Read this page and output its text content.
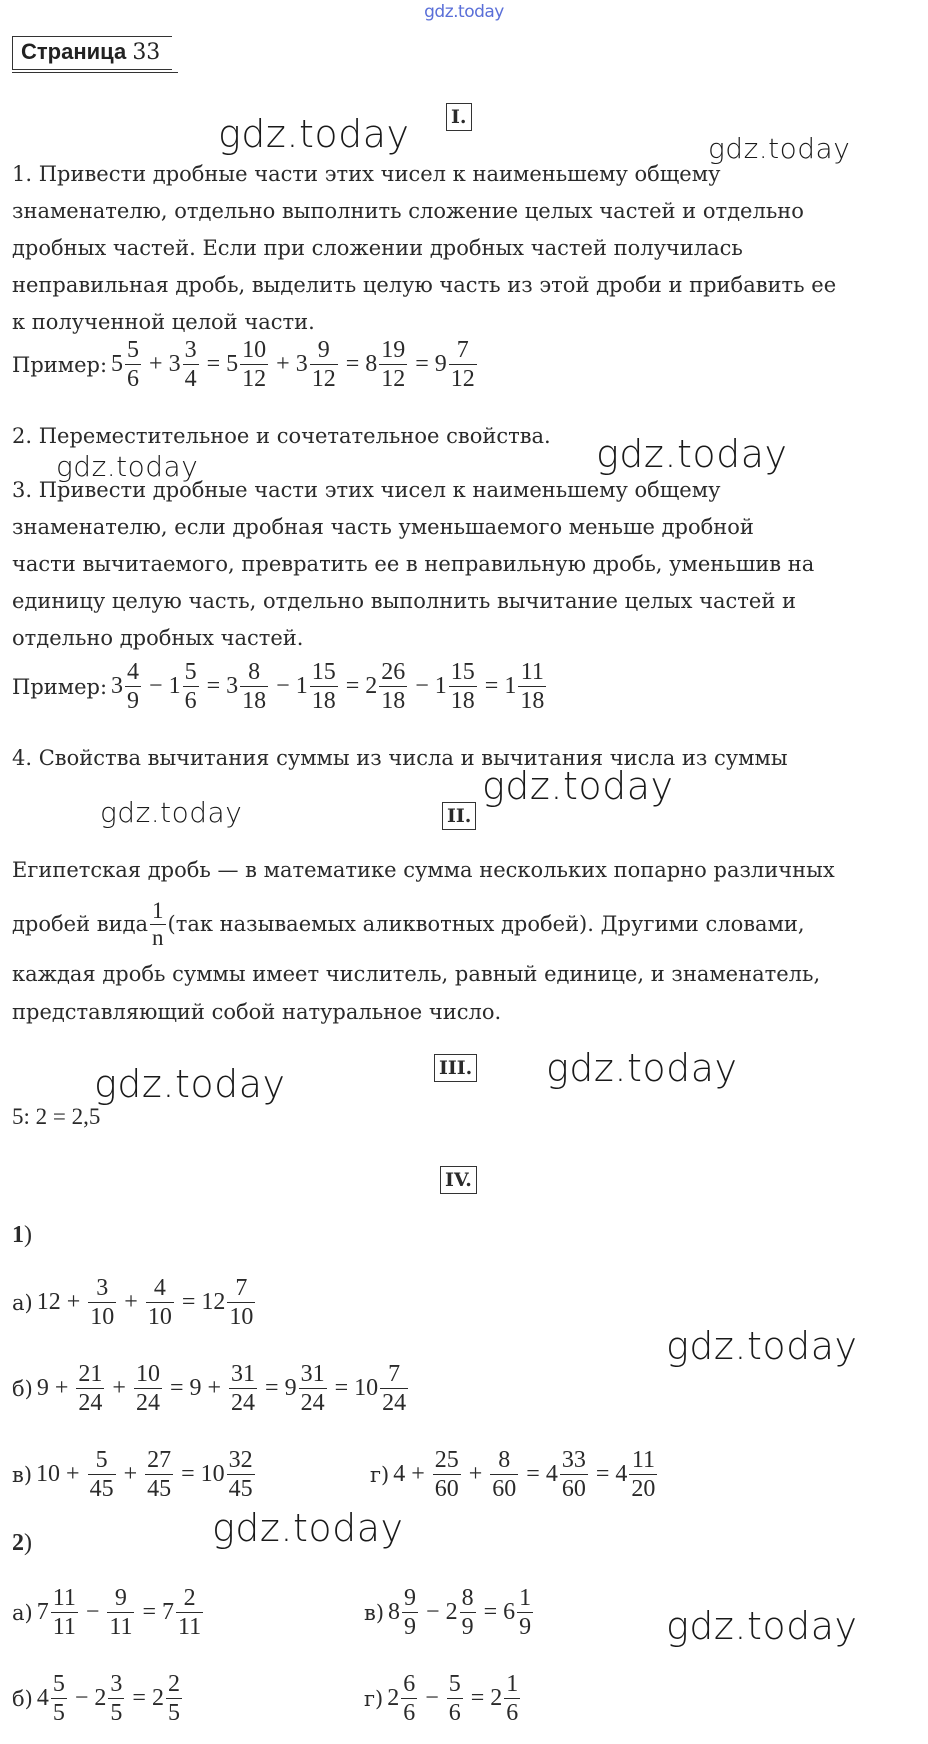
gdz.today
Страница 33
gdz.today	gdz.today
gdz.today	gdz.today
gdz.today
gdz.today
gdz.today	gdz.today
gdz.today
gdz.today
gdz.today
I.
1. Привести дробные части этих чисел к наименьшему общему
знаменателю, отдельно выполнить сложение целых частей и отдельно
дробных частей. Если при сложении дробных частей получилась
неправильная дробь, выделить целую часть из этой дроби и прибавить ее
к полученной целой части.
Пример: $5 \frac{5}{6} + 3 \frac{3}{4} = 5 \frac{10}{12} + 3 \frac{9}{12} = 8 \frac{19}{12} = 9 \frac{7}{12}$
2. Переместительное и сочетательное свойства.
3. Привести дробные части этих чисел к наименьшему общему
знаменателю, если дробная часть уменьшаемого меньше дробной
части вычитаемого, превратить ее в неправильную дробь, уменьшив на
единицу целую часть, отдельно выполнить вычитание целых частей и
отдельно дробных частей.
Пример: $3 \frac{4}{9} - 1 \frac{5}{6} = 3 \frac{8}{18} - 1 \frac{15}{18} = 2 \frac{26}{18} - 1 \frac{15}{18} = 1 \frac{11}{18}$
4. Свойства вычитания суммы из числа и вычитания числа из суммы
II.
Египетская дробь — в математике сумма нескольких попарно различных
дробей вида $\frac{1}{n} (так$ называемых аликвотных дробей). Другими словами,
каждая дробь суммы имеет числитель, равный единице, и знаменатель,
представляющий собой натуральное число.
III.
5: 2 = 2,5
IV.
1)
а) $12 + \frac{3}{10} + \frac{4}{10} = 12 \frac{7}{10}$
б) $9 + \frac{21}{24} + \frac{10}{24} = 9 + \frac{31}{24} = 9 \frac{31}{24} = 10 \frac{7}{24}$
в) $10 + \frac{5}{45} + \frac{27}{45} = 10 \frac{32}{45}$	г) $4 + \frac{25}{60} + \frac{8}{60} = 4 \frac{33}{60} = 4 \frac{11}{20}$
2)
а) $7 \frac{11}{11} - \frac{9}{11} = 7 \frac{2}{11}$	в) $8 \frac{9}{9} - 2 \frac{8}{9} = 6 \frac{1}{9}$
б) $4 \frac{5}{5} - 2 \frac{3}{5} = 2 \frac{2}{5}$	г) $2 \frac{6}{6} - \frac{5}{6} = 2 \frac{1}{6}$
